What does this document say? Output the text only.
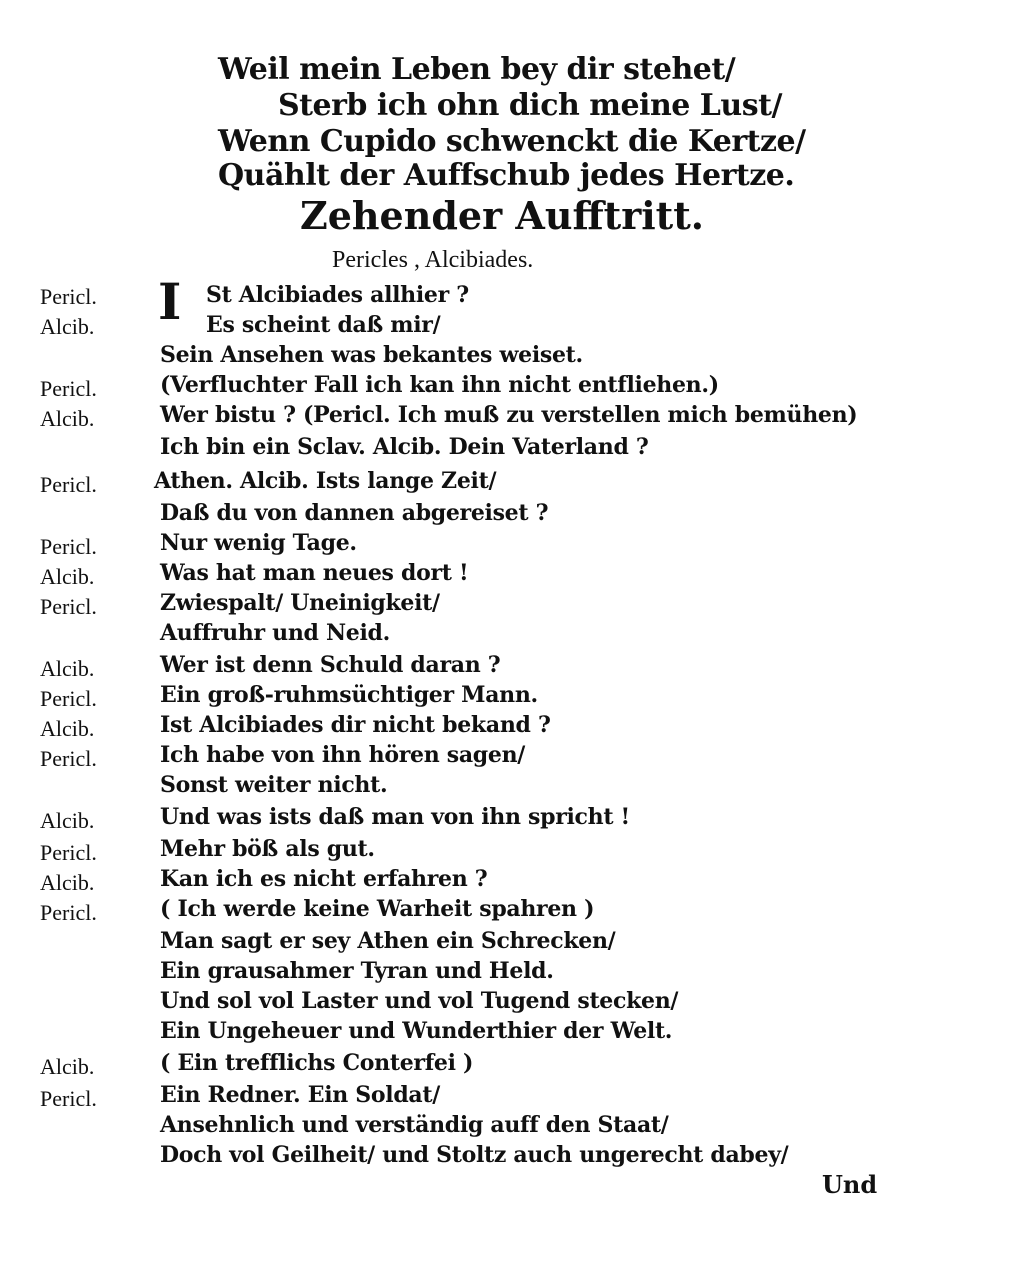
Weil mein Leben bey dir stehet/
Sterb ich ohn dich meine Lust/
Wenn Cupido schwenckt die Kertze/
Quählt der Auffschub jedes Hertze.
Zehender Aufftritt.
Pericles , Alcibiades.
I
Pericl.	St Alcibiades allhier ?
Alcib.	Es scheint daß mir/
Sein Ansehen was bekantes weiset.
Pericl.	(Verfluchter Fall ich kan ihn nicht entfliehen.)
Alcib.	Wer bistu ? (Pericl. Ich muß zu verstellen mich bemühen)
Ich bin ein Sclav. Alcib. Dein Vaterland ?
Pericl.	Athen. Alcib. Ists lange Zeit/
Daß du von dannen abgereiset ?
Pericl.	Nur wenig Tage.
Alcib.	Was hat man neues dort !
Pericl.	Zwiespalt/ Uneinigkeit/
Auffruhr und Neid.
Alcib.	Wer ist denn Schuld daran ?
Pericl.	Ein groß-ruhmsüchtiger Mann.
Alcib.	Ist Alcibiades dir nicht bekand ?
Pericl.	Ich habe von ihn hören sagen/
Sonst weiter nicht.
Alcib.	Und was ists daß man von ihn spricht !
Pericl.	Mehr böß als gut.
Alcib.	Kan ich es nicht erfahren ?
Pericl.	( Ich werde keine Warheit spahren )
Man sagt er sey Athen ein Schrecken/
Ein grausahmer Tyran und Held.
Und sol vol Laster und vol Tugend stecken/
Ein Ungeheuer und Wunderthier der Welt.
Alcib.	( Ein trefflichs Conterfei )
Pericl.	Ein Redner. Ein Soldat/
Ansehnlich und verständig auff den Staat/
Doch vol Geilheit/ und Stoltz auch ungerecht dabey/
Und
